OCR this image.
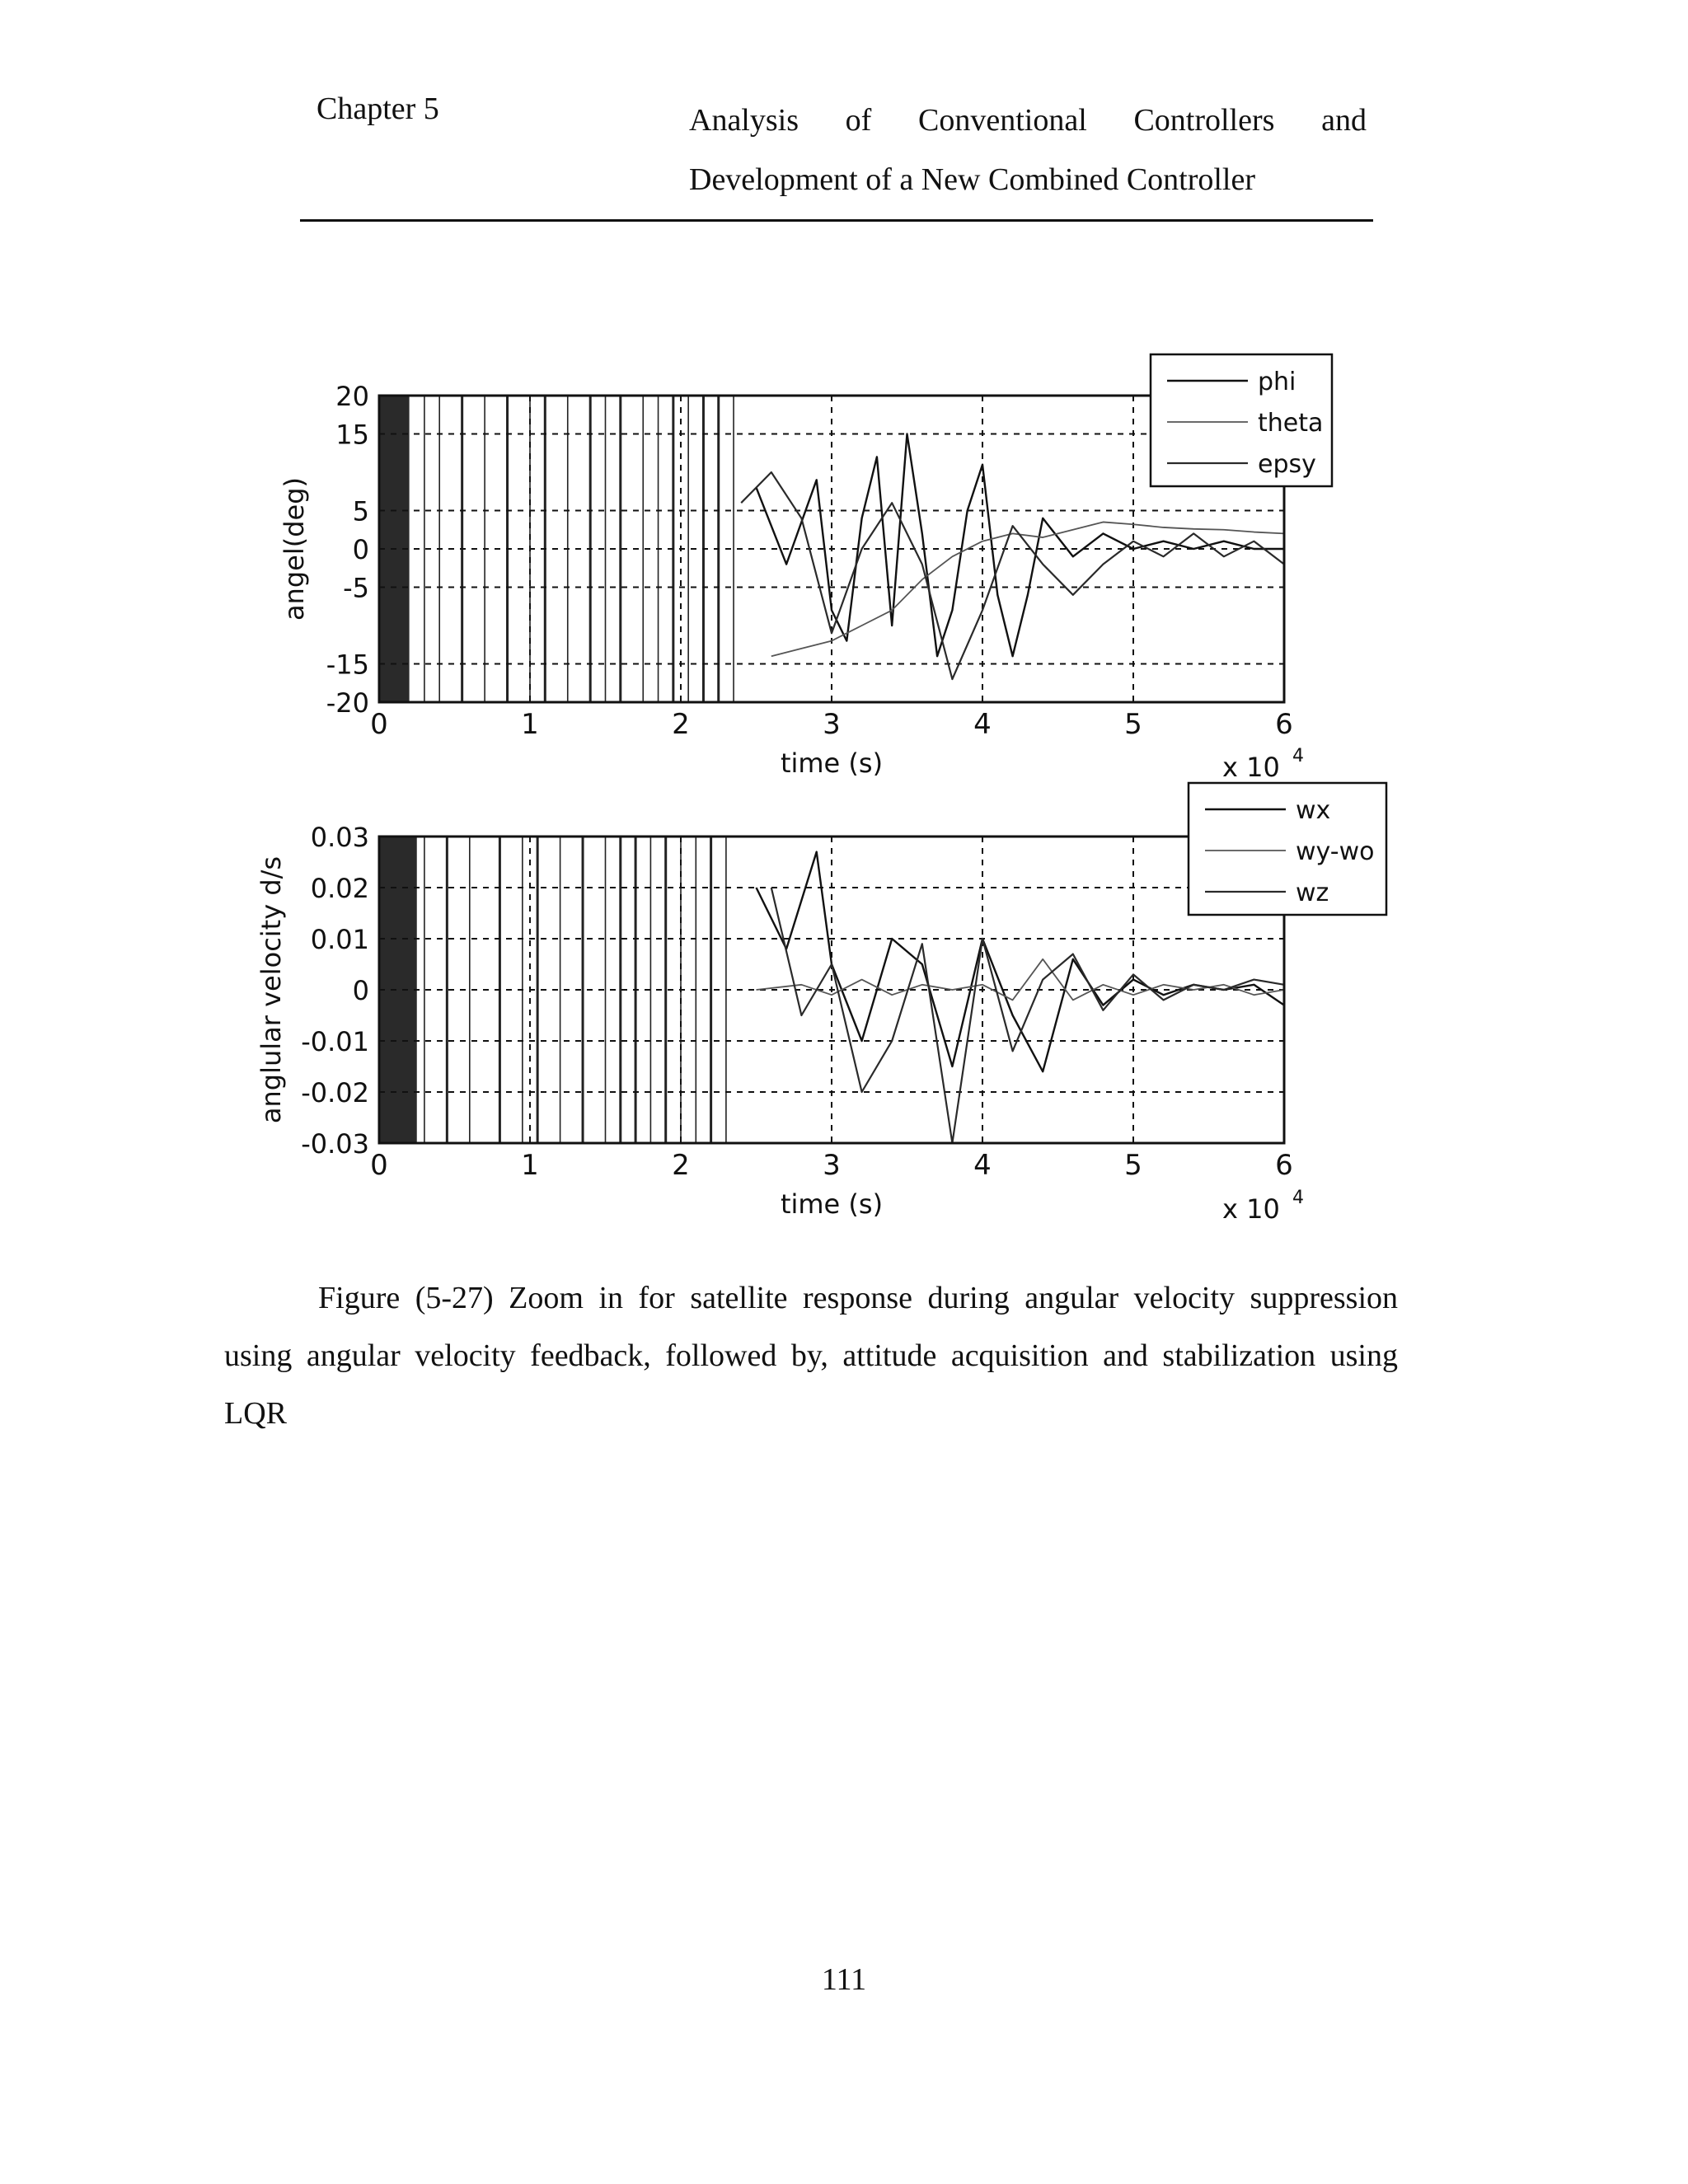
Chapter 5	Analysis of Conventional Controllers and
Development of a New Combined Controller
0	1	2	3	4	5	6
20
15
5
0
-5
-15
-20
time (s)
angel(deg)
x 10 4
phi
theta
epsy
0	1	2	3	4	5	6
0.03
0.02
0.01
0
-0.01
-0.02
-0.03
time (s)
anglular velocity d/s
x 10 4
wx
wy-wo
wz
Figure (5-27) Zoom in for satellite response during angular velocity suppression using angular velocity feedback, followed by, attitude acquisition and stabilization using LQR
111
